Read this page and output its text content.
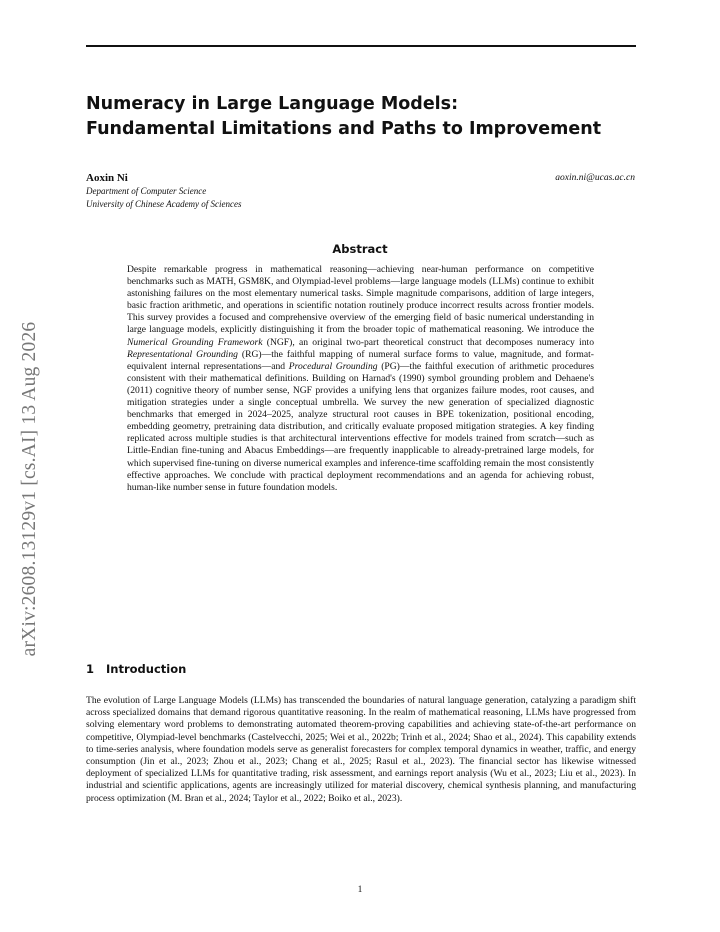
arXiv:2608.13129v1 [cs.AI] 13 Aug 2026
Numeracy in Large Language Models:
Fundamental Limitations and Paths to Improvement
Aoxin Ni	aoxin.ni@ucas.ac.cn
Department of Computer Science
University of Chinese Academy of Sciences
Abstract

Despite remarkable progress in mathematical reasoning—achieving near-human performance on competitive benchmarks such as MATH, GSM8K, and Olympiad-level problems—large language models (LLMs) continue to exhibit astonishing failures on the most elementary numerical tasks. Simple magnitude comparisons, addition of large integers, basic fraction arithmetic, and operations in scientific notation routinely produce incorrect results across frontier models. This survey provides a focused and comprehensive overview of the emerging field of basic numerical understanding in large language models, explicitly distinguishing it from the broader topic of mathematical reasoning. We introduce the Numerical Grounding Framework (NGF), an original two-part theoretical construct that decomposes numeracy into Representational Grounding (RG)—the faithful mapping of numeral surface forms to value, magnitude, and format-equivalent internal representations—and Procedural Grounding (PG)—the faithful execution of arithmetic procedures consistent with their mathematical definitions. Building on Harnad's (1990) symbol grounding problem and Dehaene's (2011) cognitive theory of number sense, NGF provides a unifying lens that organizes failure modes, root causes, and mitigation strategies under a single conceptual umbrella. We survey the new generation of specialized diagnostic benchmarks that emerged in 2024–2025, analyze structural root causes in BPE tokenization, positional encoding, embedding geometry, pretraining data distribution, and critically evaluate proposed mitigation strategies. A key finding replicated across multiple studies is that architectural interventions effective for models trained from scratch—such as Little-Endian fine-tuning and Abacus Embeddings—are frequently inapplicable to already-pretrained large models, for which supervised fine-tuning on diverse numerical examples and inference-time scaffolding remain the most consistently effective approaches. We conclude with practical deployment recommendations and an agenda for achieving robust, human-like number sense in future foundation models.

1 Introduction

The evolution of Large Language Models (LLMs) has transcended the boundaries of natural language generation, catalyzing a paradigm shift across specialized domains that demand rigorous quantitative reasoning. In the realm of mathematical reasoning, LLMs have progressed from solving elementary word problems to demonstrating automated theorem-proving capabilities and achieving state-of-the-art performance on competitive, Olympiad-level benchmarks (Castelvecchi, 2025; Wei et al., 2022b; Trinh et al., 2024; Shao et al., 2024). This capability extends to time-series analysis, where foundation models serve as generalist forecasters for complex temporal dynamics in weather, traffic, and energy consumption (Jin et al., 2023; Zhou et al., 2023; Chang et al., 2025; Rasul et al., 2023). The financial sector has likewise witnessed deployment of specialized LLMs for quantitative trading, risk assessment, and earnings report analysis (Wu et al., 2023; Liu et al., 2023). In industrial and scientific applications, agents are increasingly utilized for material discovery, chemical synthesis planning, and manufacturing process optimization (M. Bran et al., 2024; Taylor et al., 2022; Boiko et al., 2023).

1
